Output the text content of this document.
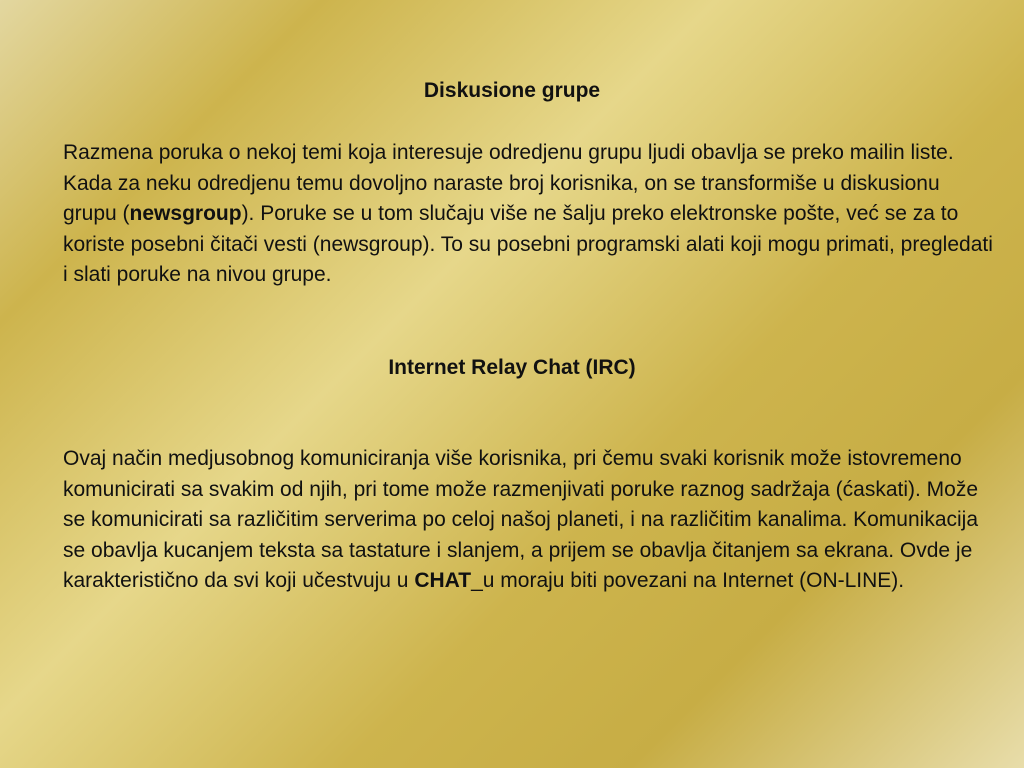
Diskusione grupe

Razmena poruka o nekoj temi koja interesuje odredjenu grupu ljudi obavlja se preko mailin liste. Kada za neku odredjenu temu dovoljno naraste broj korisnika, on se transformiše u diskusionu grupu (newsgroup). Poruke se u tom slučaju više ne šalju preko elektronske pošte, već se za to koriste posebni čitači vesti (newsgroup). To su posebni programski alati koji mogu primati, pregledati i slati poruke na nivou grupe.

Internet Relay Chat (IRC)

Ovaj način medjusobnog komuniciranja više korisnika, pri čemu svaki korisnik može istovremeno komunicirati sa svakim od njih, pri tome može razmenjivati poruke raznog sadržaja (ćaskati). Može se komunicirati sa različitim serverima po celoj našoj planeti, i na različitim kanalima. Komunikacija se obavlja kucanjem teksta sa tastature i slanjem, a prijem se obavlja čitanjem sa ekrana. Ovde je karakteristično da svi koji učestvuju u CHAT_u moraju biti povezani na Internet (ON-LINE).
